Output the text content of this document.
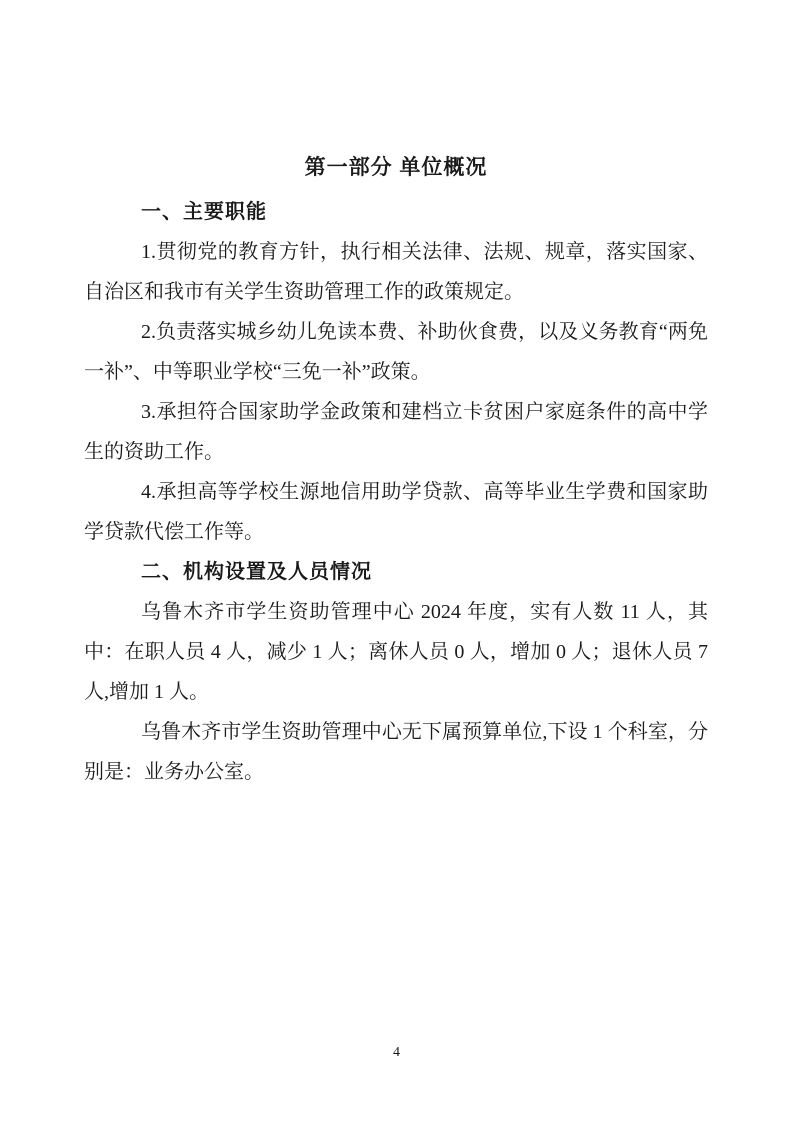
第一部分 单位概况
一、主要职能

1.贯彻党的教育方针，执行相关法律、法规、规章，落实国家、自治区和我市有关学生资助管理工作的政策规定。

2.负责落实城乡幼儿免读本费、补助伙食费，以及义务教育“两免一补”、中等职业学校“三免一补”政策。

3.承担符合国家助学金政策和建档立卡贫困户家庭条件的高中学生的资助工作。

4.承担高等学校生源地信用助学贷款、高等毕业生学费和国家助学贷款代偿工作等。

二、机构设置及人员情况

乌鲁木齐市学生资助管理中心 2024 年度，实有人数 11 人，其中：在职人员 4 人，减少 1 人；离休人员 0 人，增加 0 人；退休人员 7 人,增加 1 人。

乌鲁木齐市学生资助管理中心无下属预算单位,下设 1 个科室，分别是：业务办公室。

4
